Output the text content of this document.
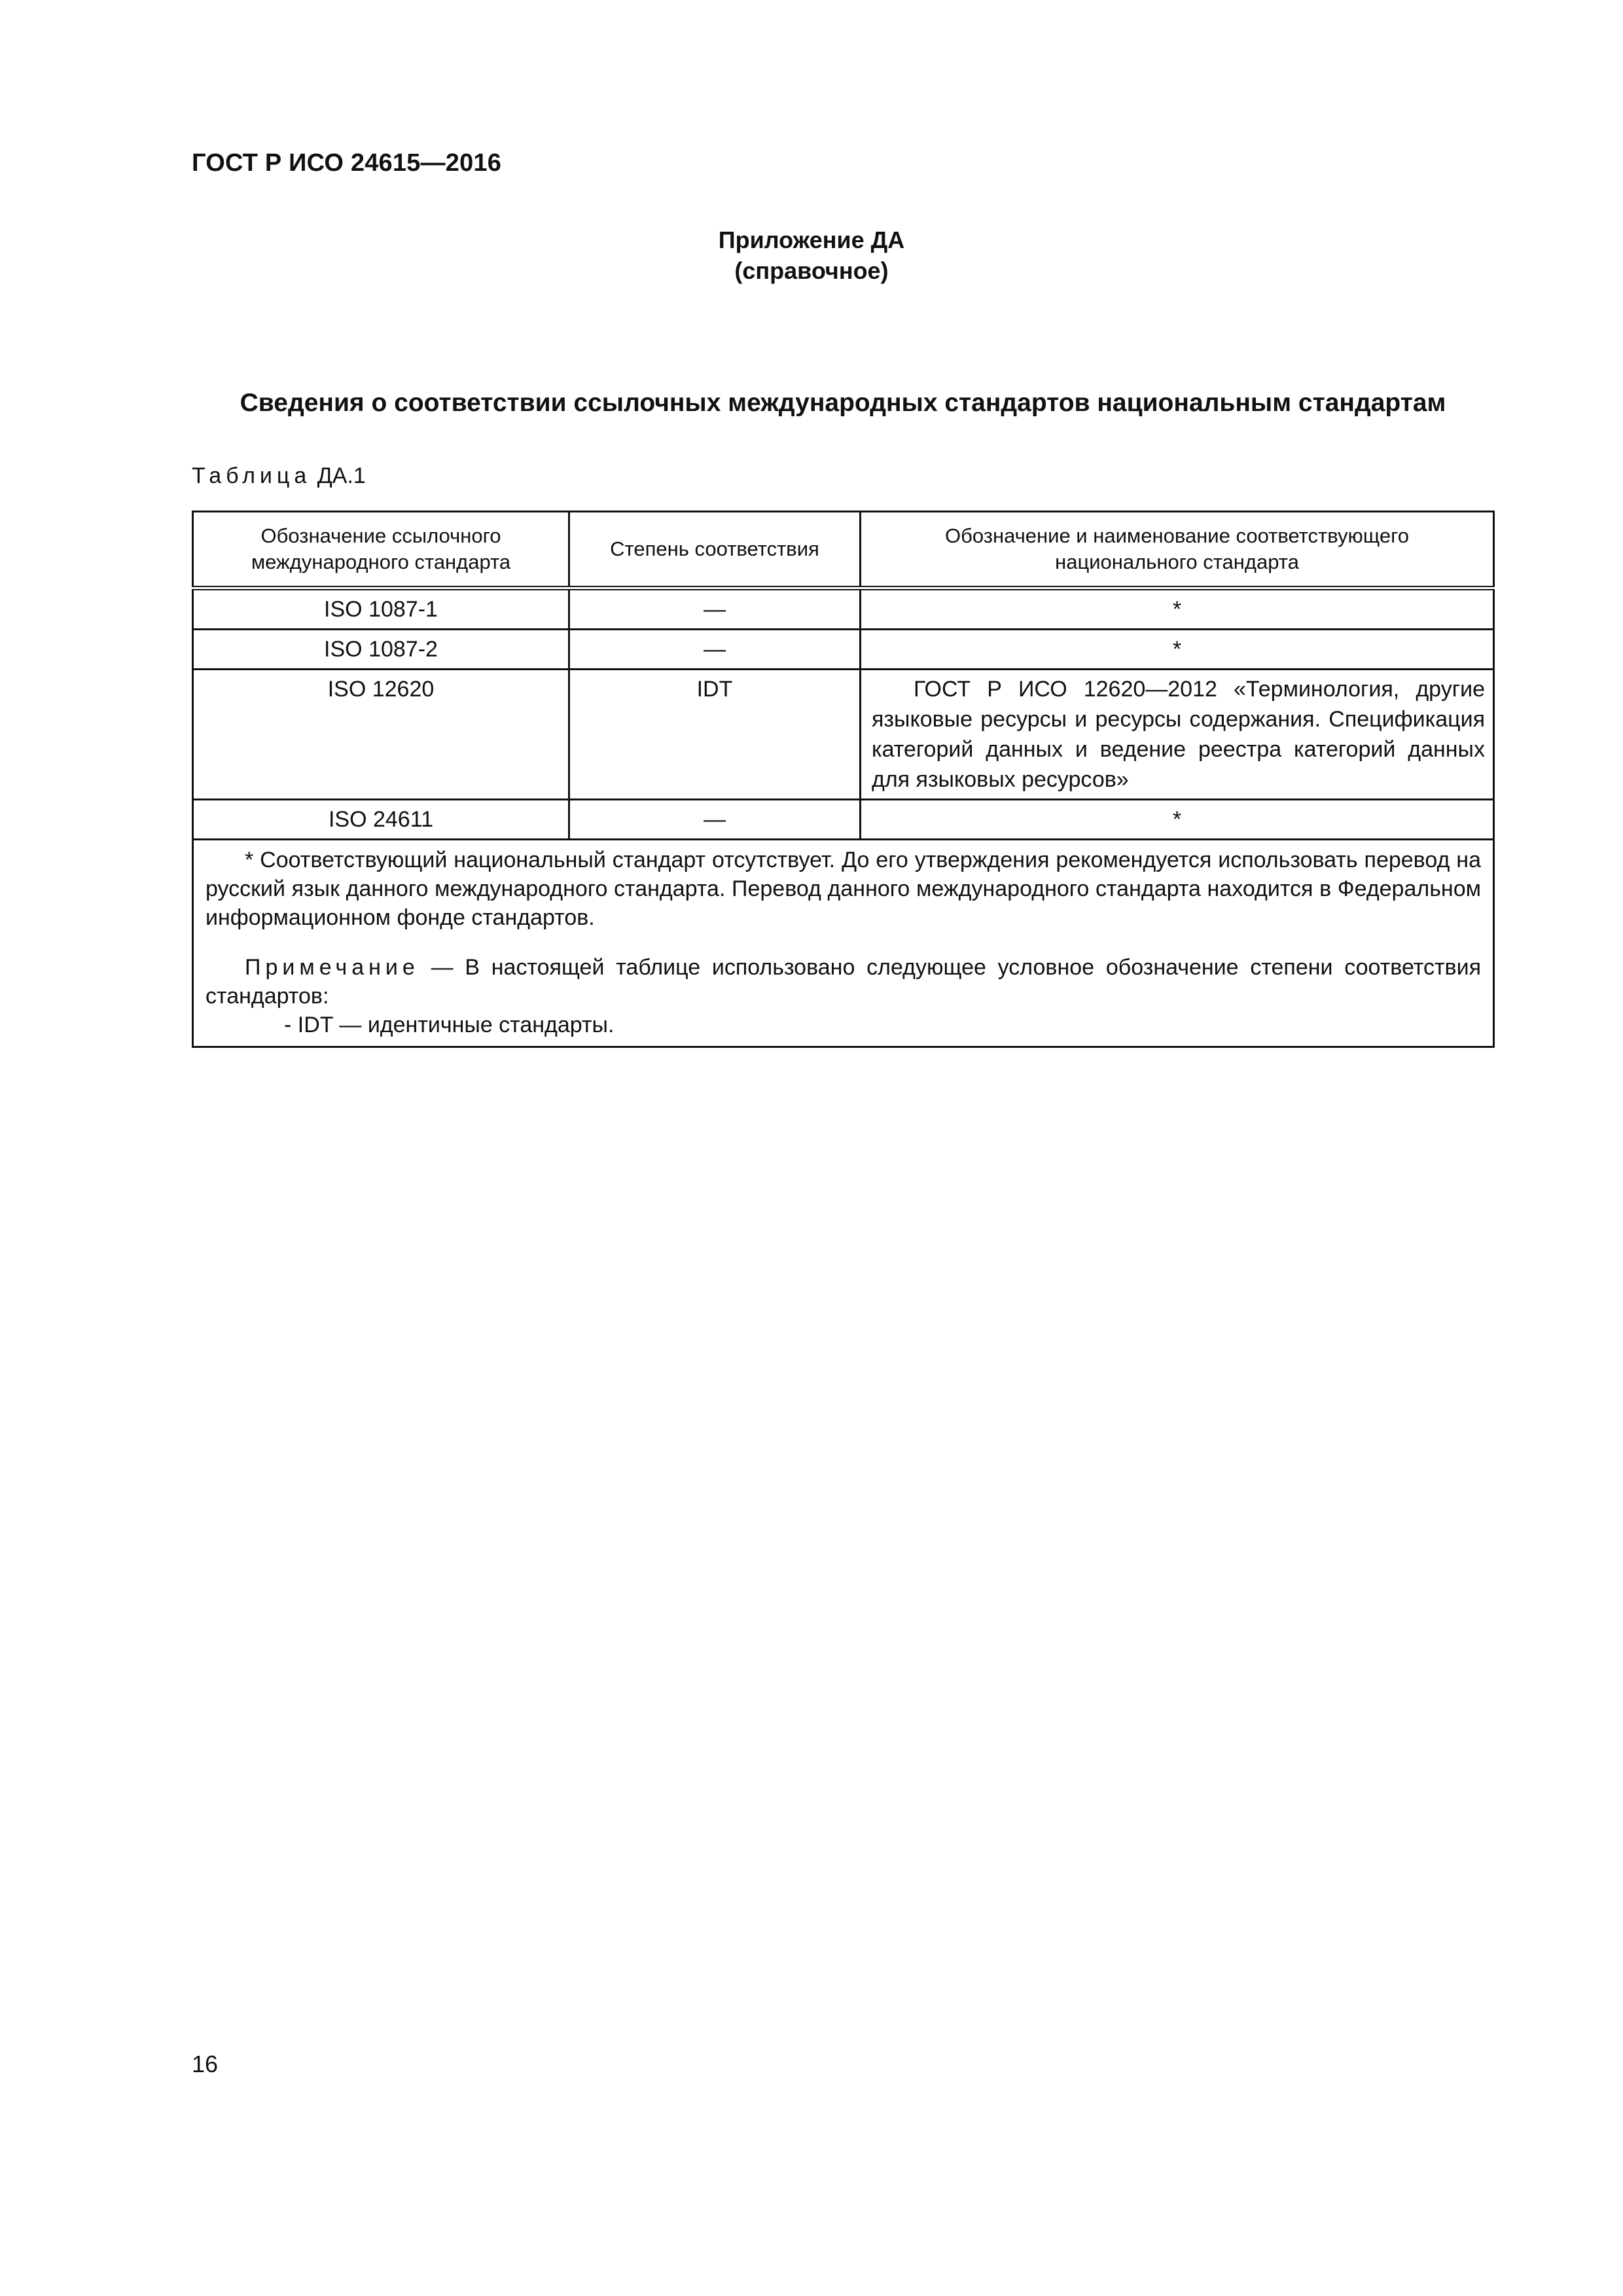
ГОСТ Р ИСО 24615—2016
Приложение ДА
(справочное)
Сведения о соответствии ссылочных международных стандартов национальным стандартам
Таблица ДА.1
Обозначение ссылочного международного стандарта	Степень соответствия	Обозначение и наименование соответствующего национального стандарта
ISO 1087-1	—	*
ISO 1087-2	—	*
ISO 12620	IDT	ГОСТ Р ИСО 12620—2012 «Терминология, другие языковые ресурсы и ресурсы содержания. Спецификация категорий данных и ведение реестра категорий данных для языковых ресурсов»
ISO 24611	—	*

* Соответствующий национальный стандарт отсутствует. До его утверждения рекомендуется использовать перевод на русский язык данного международного стандарта. Перевод данного международного стандарта находится в Федеральном информационном фонде стандартов.

Примечание — В настоящей таблице использовано следующее условное обозначение степени соответствия стандартов:

- IDT — идентичные стандарты.		

16
